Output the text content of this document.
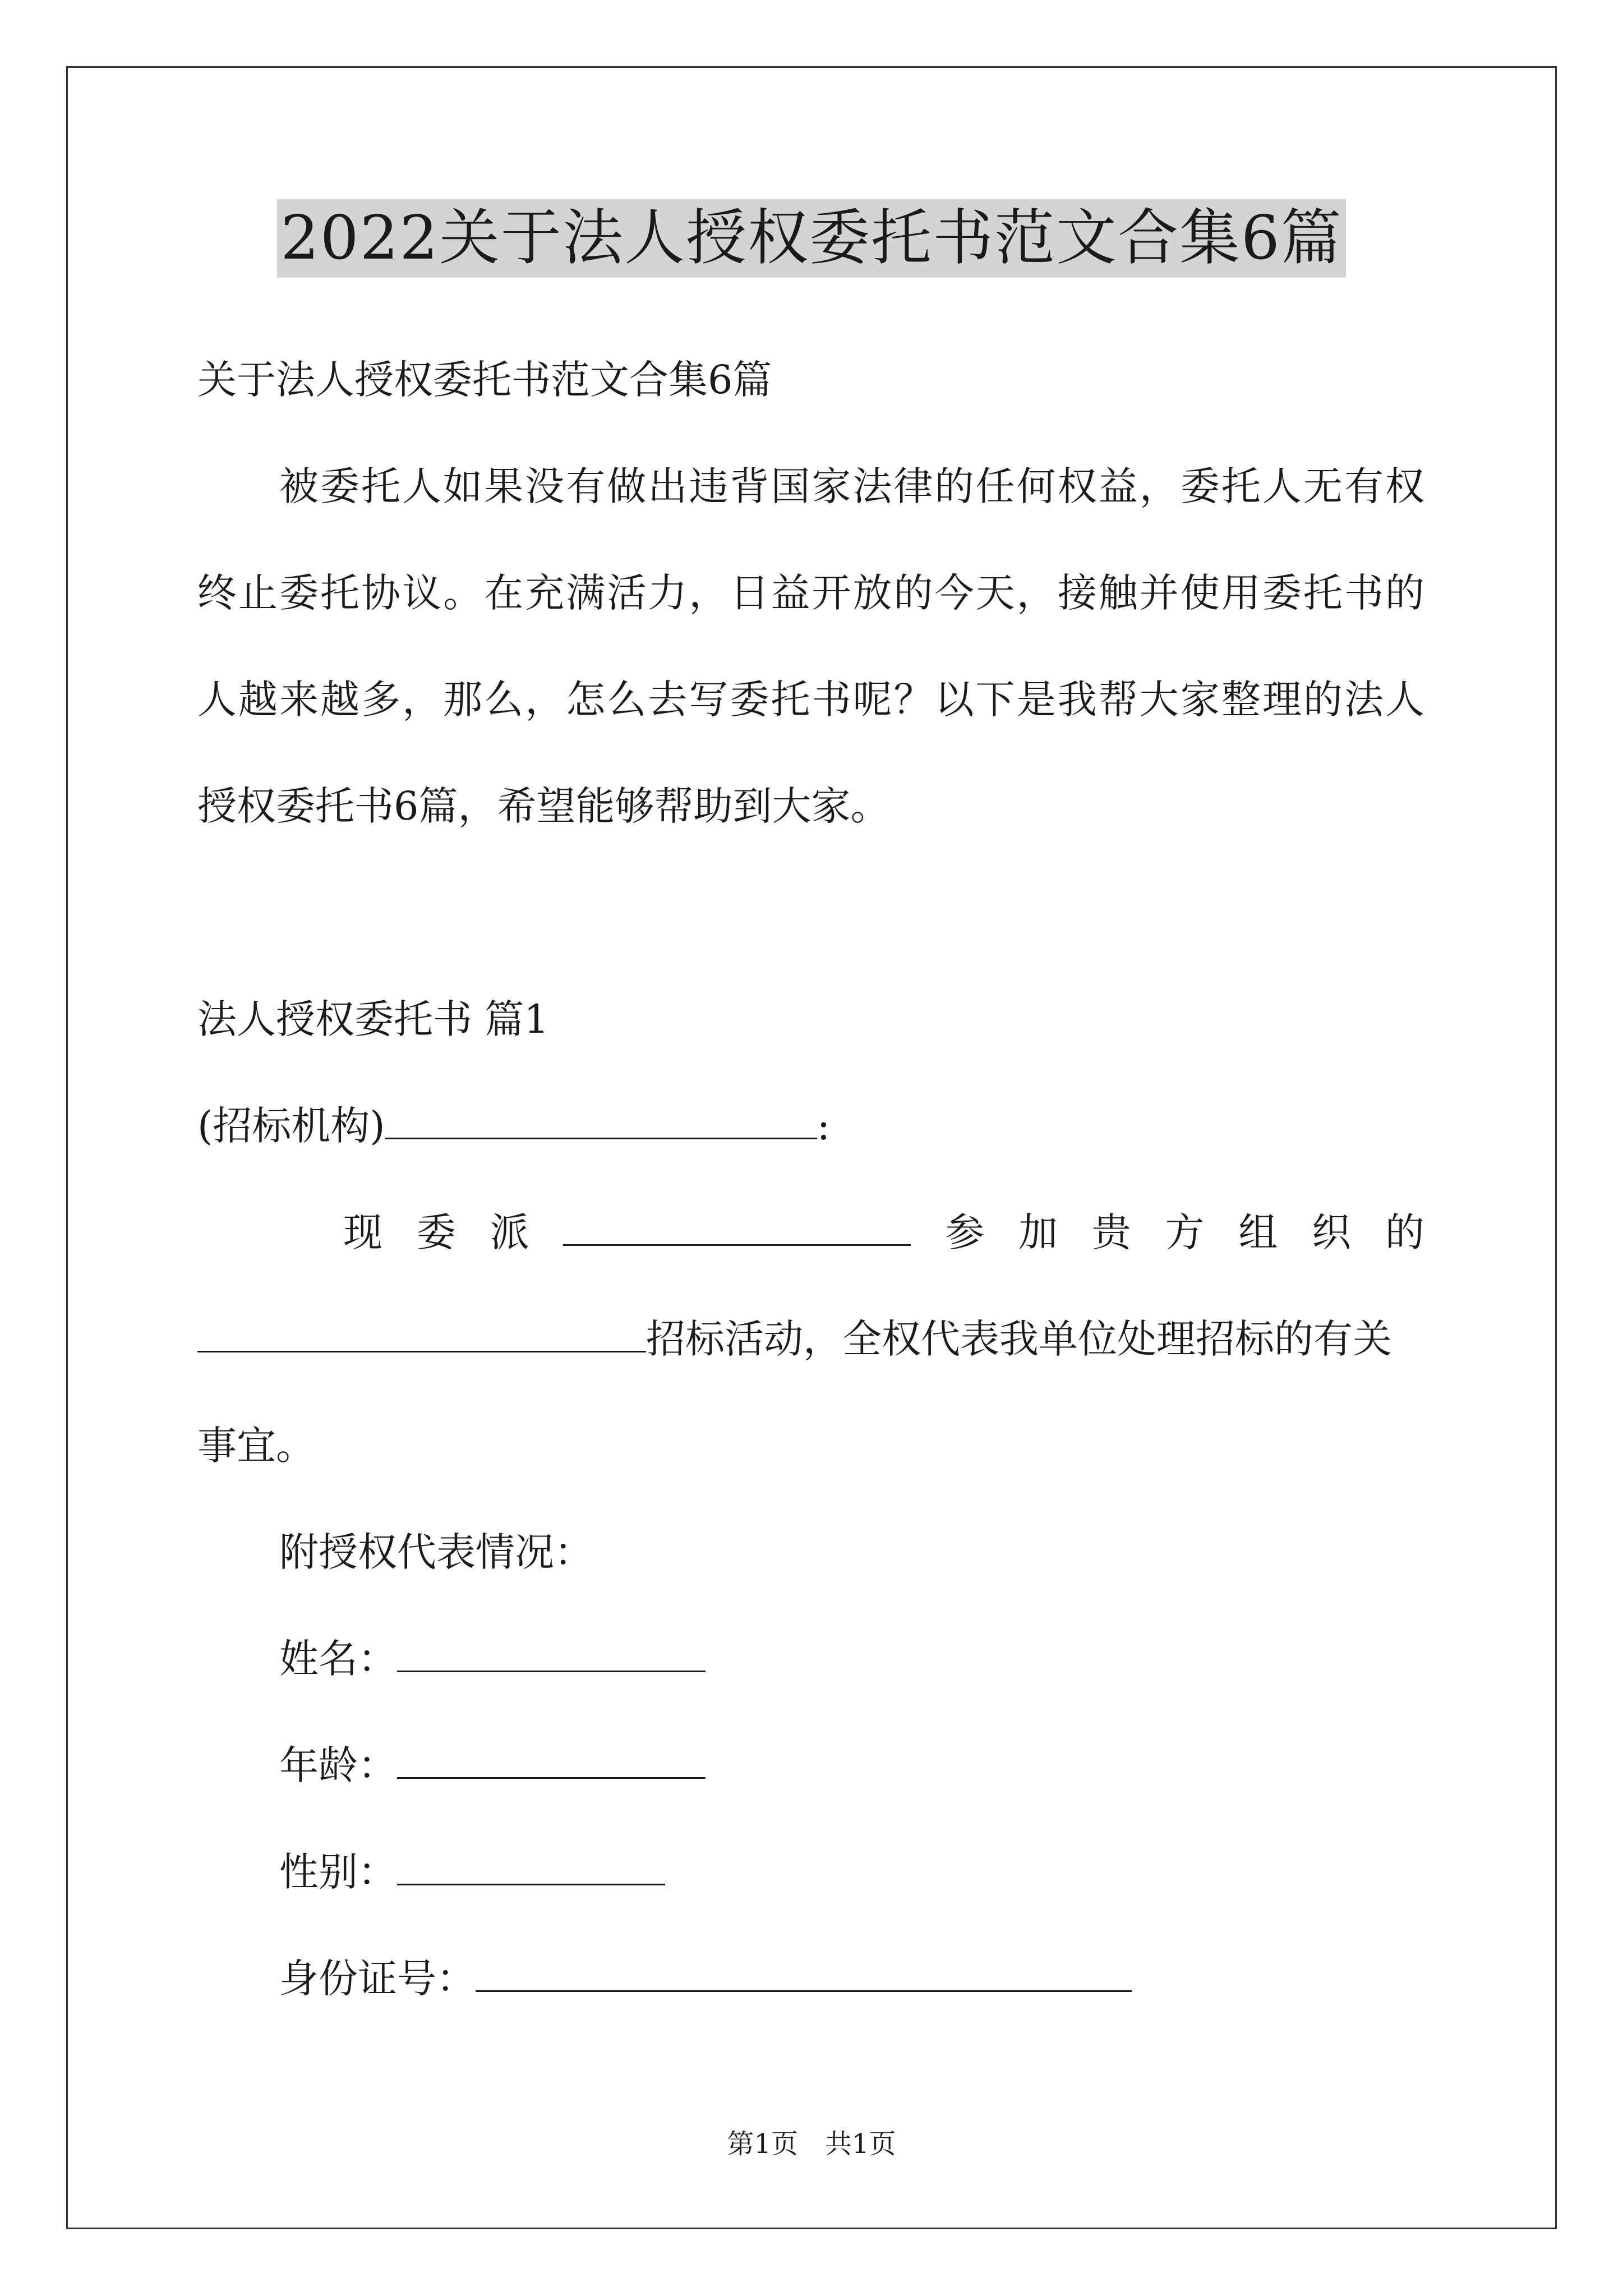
2022关于法人授权委托书范文合集6篇
关于法人授权委托书范文合集6篇
被委托人如果没有做出违背国家法律的任何权益，委托人无有权
终止委托协议。在充满活力，日益开放的今天，接触并使用委托书的
人越来越多，那么，怎么去写委托书呢？以下是我帮大家整理的法人
授权委托书6篇，希望能够帮助到大家。
法人授权委托书 篇1
(招标机构)	:
现 委 派	参 加 贵 方 组 织 的
招标活动，全权代表我单位处理招标的有关
事宜。
附授权代表情况：
姓名：
年龄：
性别：
身份证号：
第1页　共1页
